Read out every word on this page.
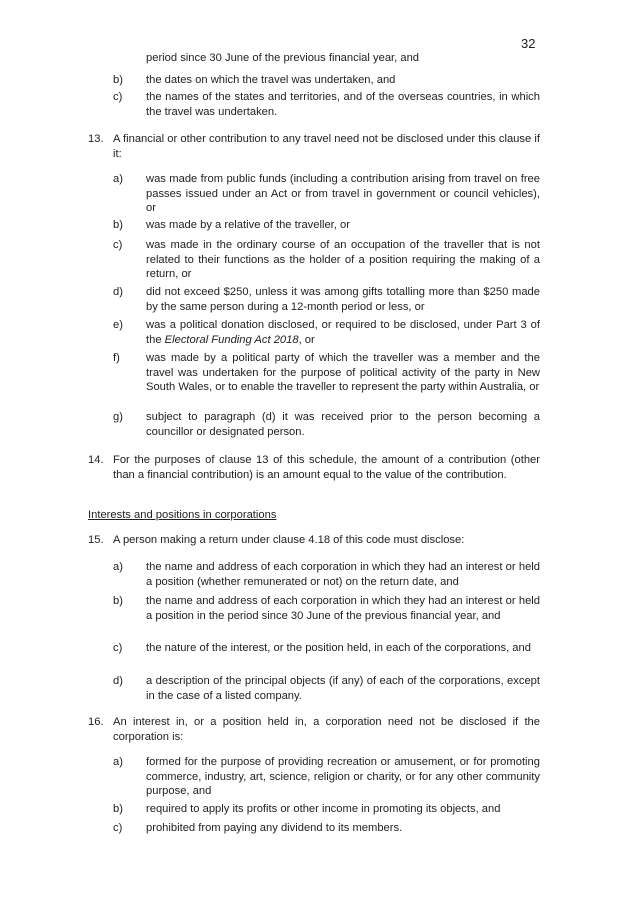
32
period since 30 June of the previous financial year, and
b) the dates on which the travel was undertaken, and
c) the names of the states and territories, and of the overseas countries, in which the travel was undertaken.
13. A financial or other contribution to any travel need not be disclosed under this clause if it:
a) was made from public funds (including a contribution arising from travel on free passes issued under an Act or from travel in government or council vehicles), or
b) was made by a relative of the traveller, or
c) was made in the ordinary course of an occupation of the traveller that is not related to their functions as the holder of a position requiring the making of a return, or
d) did not exceed $250, unless it was among gifts totalling more than $250 made by the same person during a 12-month period or less, or
e) was a political donation disclosed, or required to be disclosed, under Part 3 of the Electoral Funding Act 2018, or
f) was made by a political party of which the traveller was a member and the travel was undertaken for the purpose of political activity of the party in New South Wales, or to enable the traveller to represent the party within Australia, or
g) subject to paragraph (d) it was received prior to the person becoming a councillor or designated person.
14. For the purposes of clause 13 of this schedule, the amount of a contribution (other than a financial contribution) is an amount equal to the value of the contribution.
Interests and positions in corporations
15. A person making a return under clause 4.18 of this code must disclose:
a) the name and address of each corporation in which they had an interest or held a position (whether remunerated or not) on the return date, and
b) the name and address of each corporation in which they had an interest or held a position in the period since 30 June of the previous financial year, and
c) the nature of the interest, or the position held, in each of the corporations, and
d) a description of the principal objects (if any) of each of the corporations, except in the case of a listed company.
16. An interest in, or a position held in, a corporation need not be disclosed if the corporation is:
a) formed for the purpose of providing recreation or amusement, or for promoting commerce, industry, art, science, religion or charity, or for any other community purpose, and
b) required to apply its profits or other income in promoting its objects, and
c) prohibited from paying any dividend to its members.
